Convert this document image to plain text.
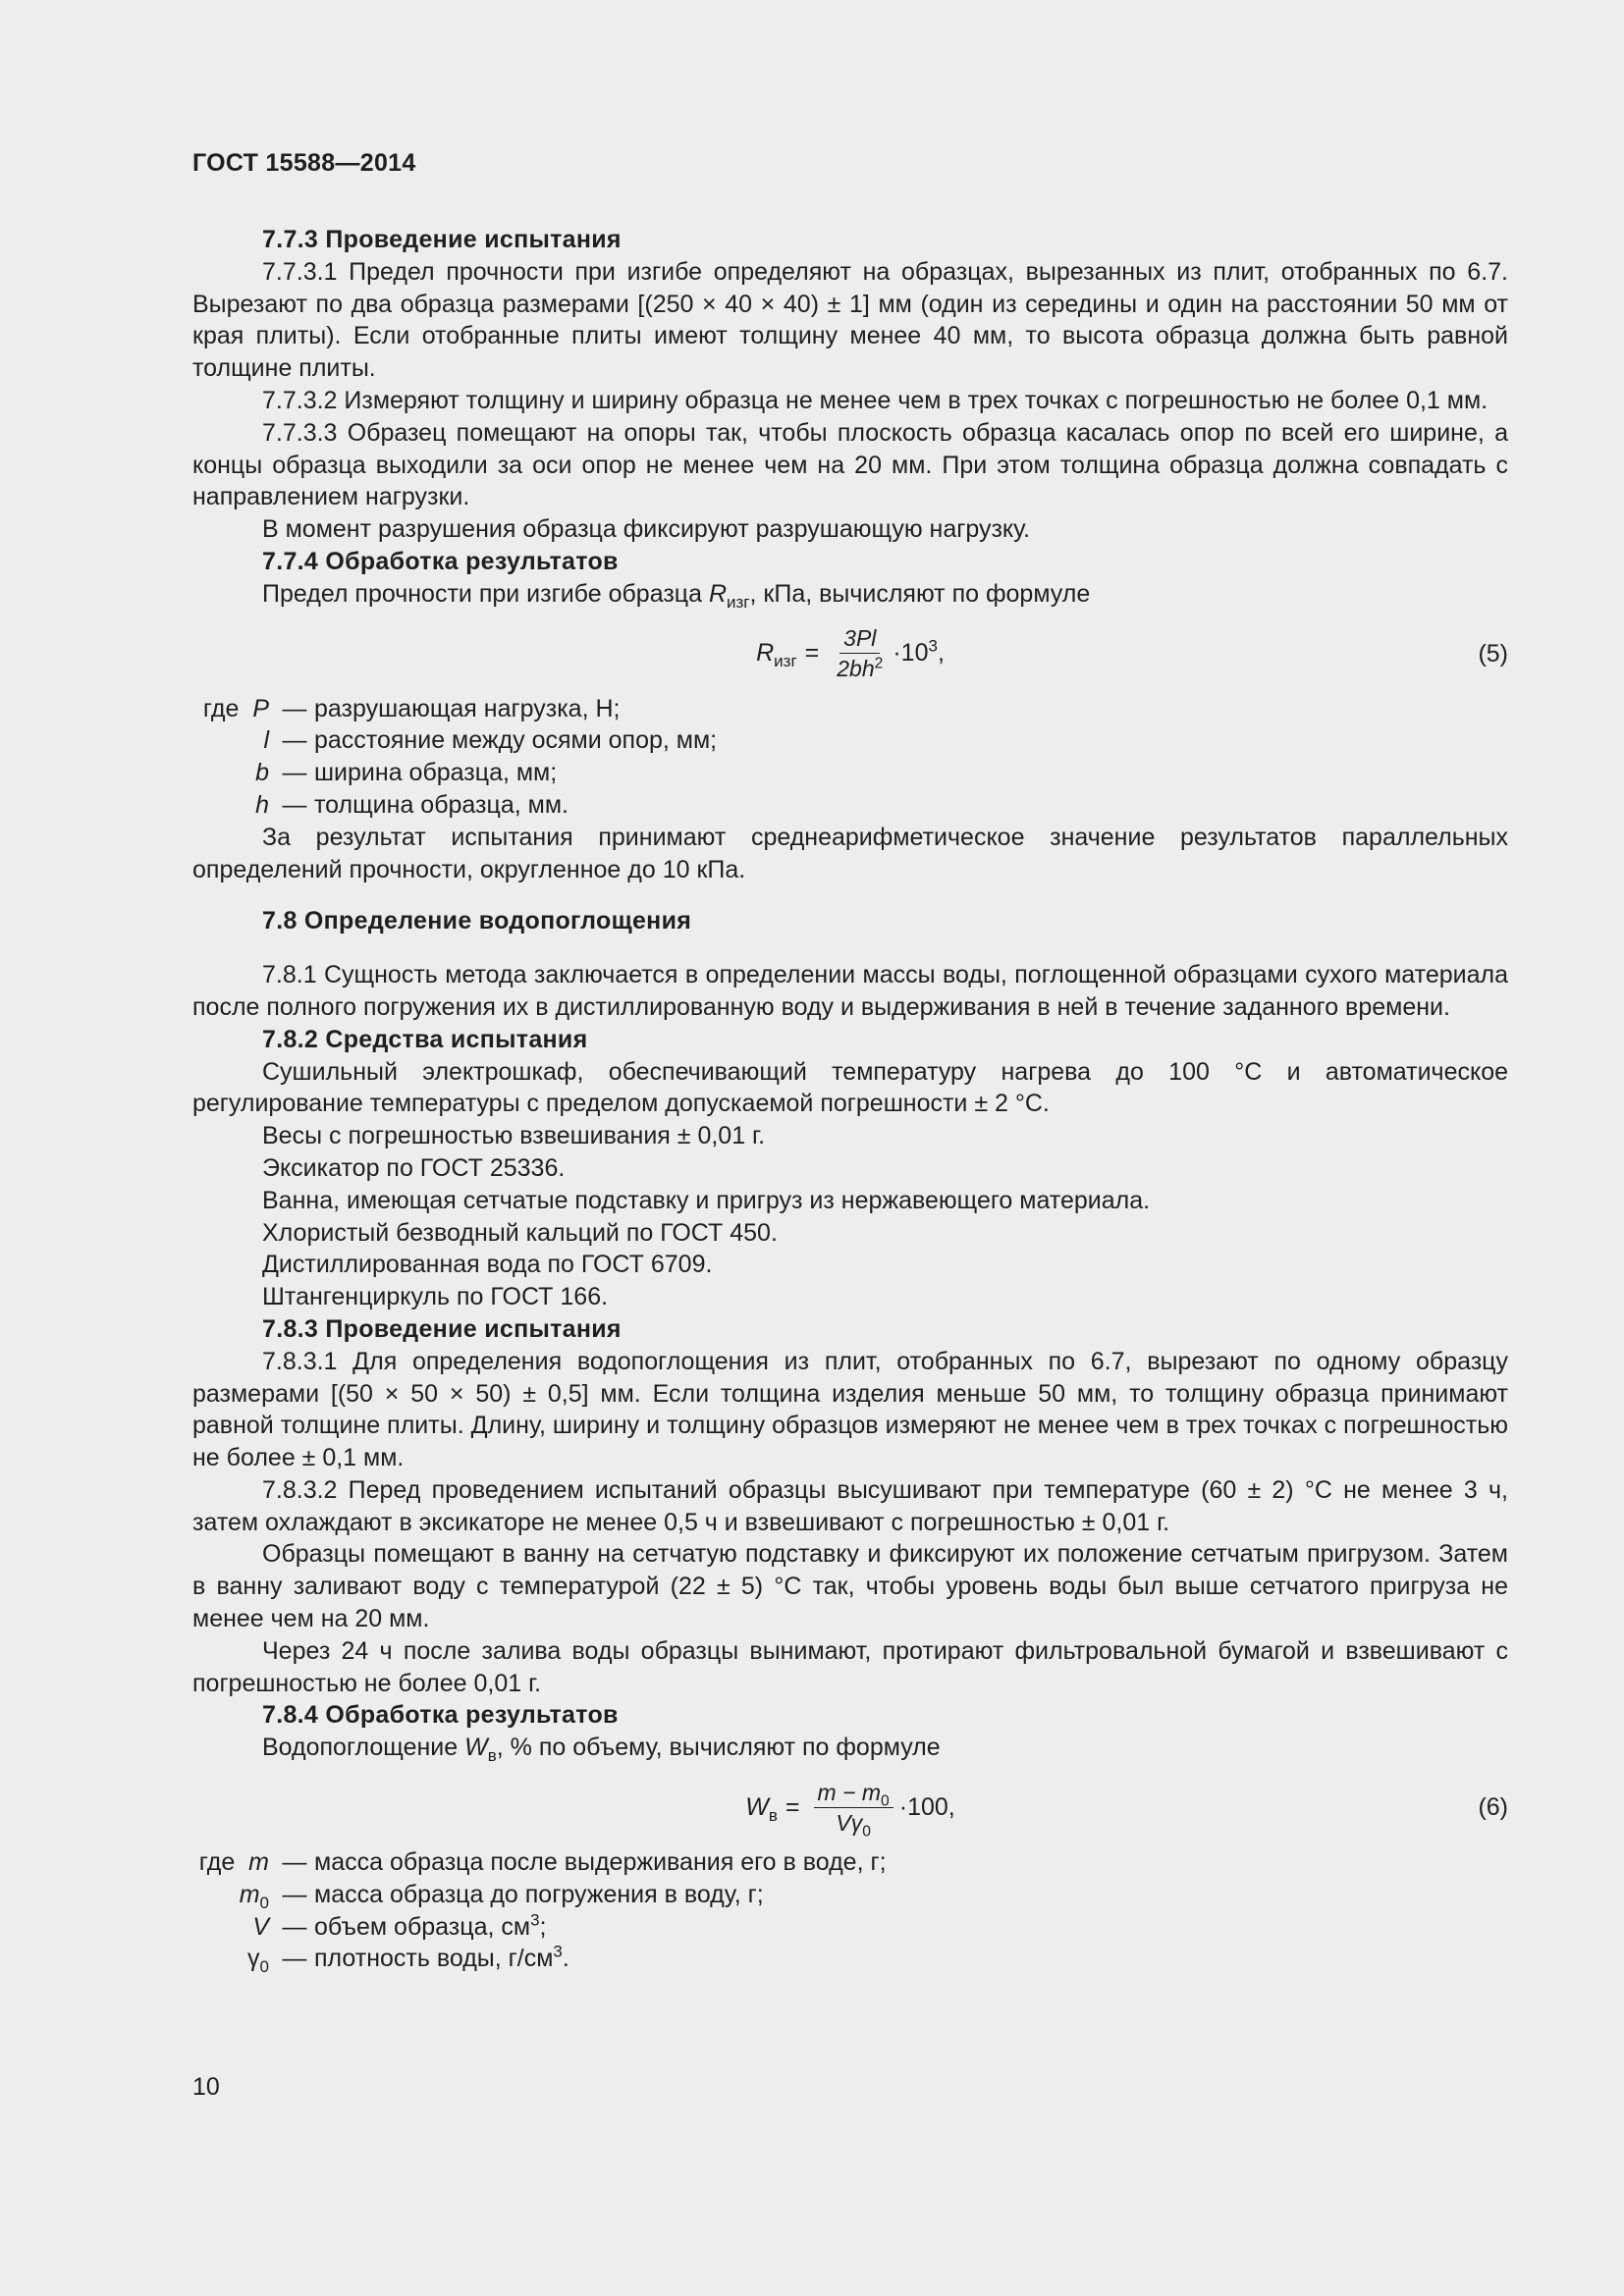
ГОСТ 15588—2014

7.7.3 Проведение испытания

7.7.3.1 Предел прочности при изгибе определяют на образцах, вырезанных из плит, отобранных по 6.7. Вырезают по два образца размерами [(250 × 40 × 40) ± 1] мм (один из середины и один на расстоянии 50 мм от края плиты). Если отобранные плиты имеют толщину менее 40 мм, то высота образца должна быть равной толщине плиты.

7.7.3.2 Измеряют толщину и ширину образца не менее чем в трех точках с погрешностью не более 0,1 мм.

7.7.3.3 Образец помещают на опоры так, чтобы плоскость образца касалась опор по всей его ширине, а концы образца выходили за оси опор не менее чем на 20 мм. При этом толщина образца должна совпадать с направлением нагрузки.

В момент разрушения образца фиксируют разрушающую нагрузку.

7.7.4 Обработка результатов

Предел прочности при изгибе образца $R_{изг}$, кПа, вычисляют по формуле

$R_{изг} = \frac{3Pl}{2bh^2} \cdot 10^3$,	(5)
где P — разрушающая нагрузка, Н;
l — расстояние между осями опор, мм;
b — ширина образца, мм;
h — толщина образца, мм.

За результат испытания принимают среднеарифметическое значение результатов параллельных определений прочности, округленное до 10 кПа.

7.8 Определение водопоглощения

7.8.1 Сущность метода заключается в определении массы воды, поглощенной образцами сухого материала после полного погружения их в дистиллированную воду и выдерживания в ней в течение заданного времени.

7.8.2 Средства испытания

Сушильный электрошкаф, обеспечивающий температуру нагрева до 100 °С и автоматическое регулирование температуры с пределом допускаемой погрешности ± 2 °С.

Весы с погрешностью взвешивания ± 0,01 г.

Эксикатор по ГОСТ 25336.

Ванна, имеющая сетчатые подставку и пригруз из нержавеющего материала.

Хлористый безводный кальций по ГОСТ 450.

Дистиллированная вода по ГОСТ 6709.

Штангенциркуль по ГОСТ 166.

7.8.3 Проведение испытания

7.8.3.1 Для определения водопоглощения из плит, отобранных по 6.7, вырезают по одному образцу размерами [(50 × 50 × 50) ± 0,5] мм. Если толщина изделия меньше 50 мм, то толщину образца принимают равной толщине плиты. Длину, ширину и толщину образцов измеряют не менее чем в трех точках с погрешностью не более ± 0,1 мм.

7.8.3.2 Перед проведением испытаний образцы высушивают при температуре (60 ± 2) °С не менее 3 ч, затем охлаждают в эксикаторе не менее 0,5 ч и взвешивают с погрешностью ± 0,01 г.

Образцы помещают в ванну на сетчатую подставку и фиксируют их положение сетчатым пригрузом. Затем в ванну заливают воду с температурой (22 ± 5) °С так, чтобы уровень воды был выше сетчатого пригруза не менее чем на 20 мм.

Через 24 ч после залива воды образцы вынимают, протирают фильтровальной бумагой и взвешивают с погрешностью не более 0,01 г.

7.8.4 Обработка результатов

Водопоглощение $W_в$, % по объему, вычисляют по формуле

$W_в = \frac{m - m_0}{V\gamma_0} \cdot 100$,	(6)
где m — масса образца после выдерживания его в воде, г;
$m_0$ — масса образца до погружения в воду, г;
V — объем образца, $см^3$;
$\gamma_0$ — плотность воды, $г/см^3$.
10
